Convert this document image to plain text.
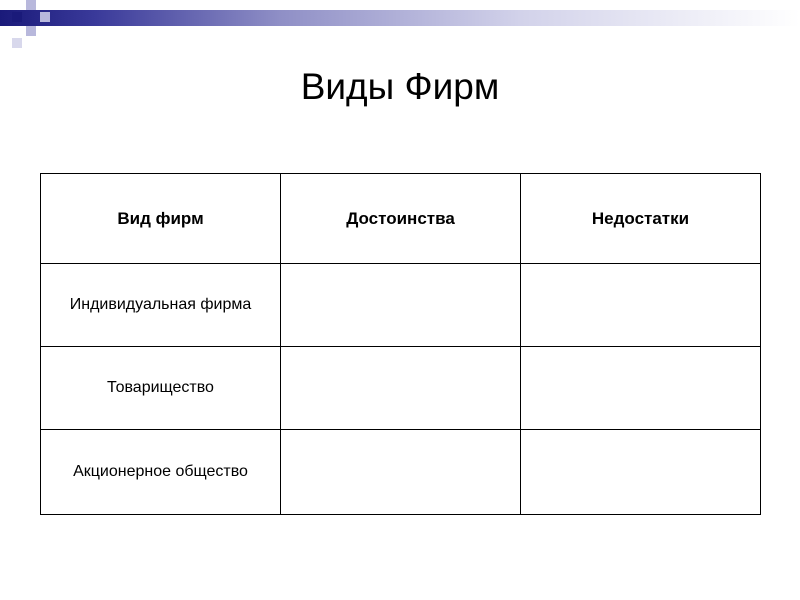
Виды Фирм
Вид фирм	Достоинства	Недостатки
Индивидуальная фирма		
Товарищество		
Акционерное общество		
